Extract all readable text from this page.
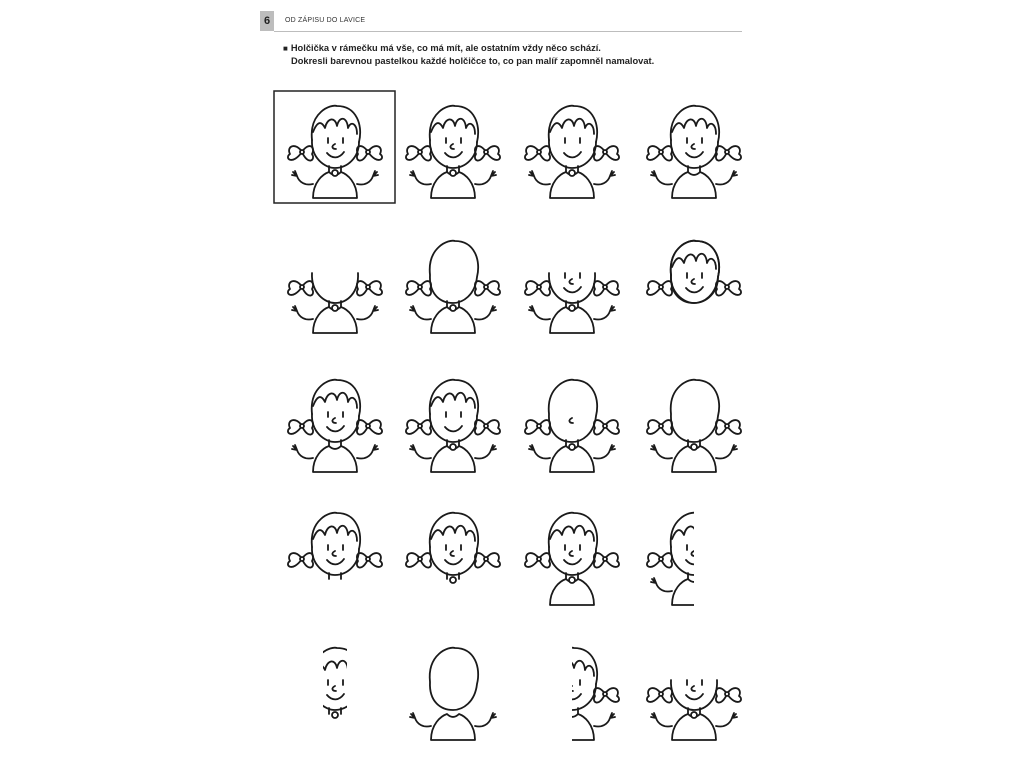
6	OD ZÁPISU DO LAVICE
■ Holčička v rámečku má vše, co má mít, ale ostatním vždy něco schází.
Dokresli barevnou pastelkou každé holčičce to, co pan malíř zapomněl namalovat.
